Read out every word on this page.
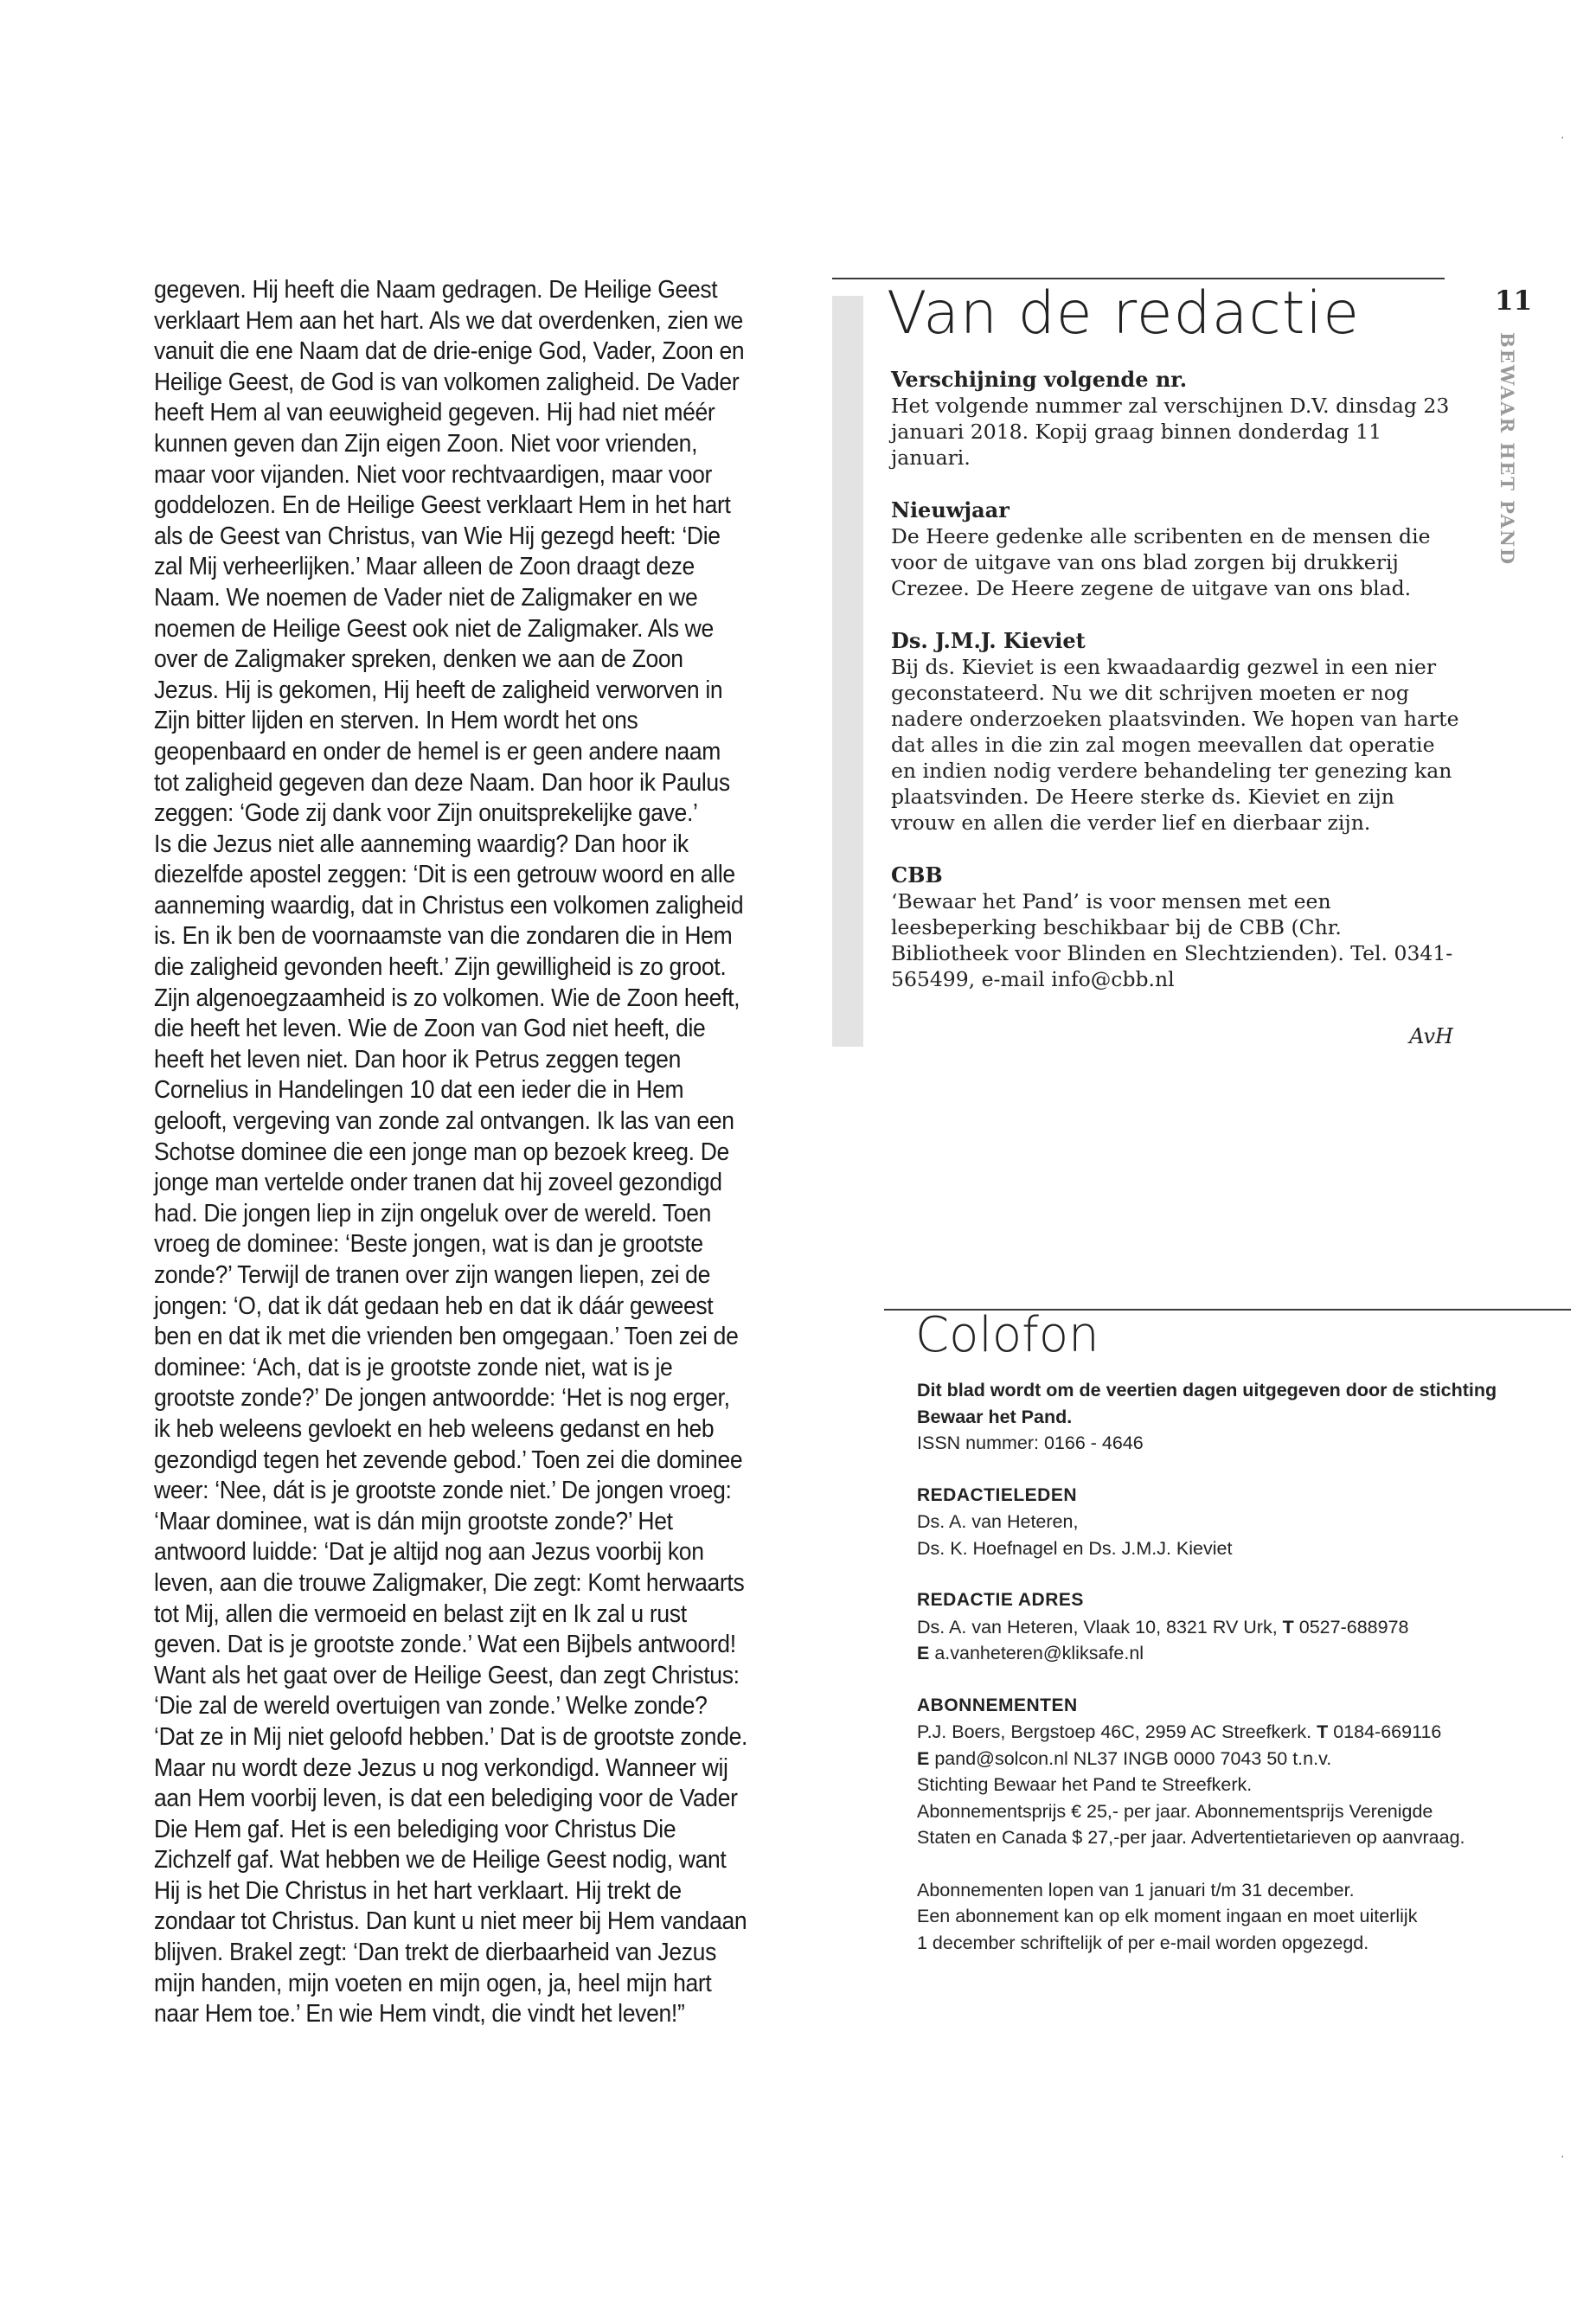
gegeven. Hij heeft die Naam gedragen. De Heilige Geest verklaart Hem aan het hart. Als we dat overdenken, zien we vanuit die ene Naam dat de drie-enige God, Vader, Zoon en Heilige Geest, de God is van volkomen zaligheid. De Vader heeft Hem al van eeuwigheid gegeven. Hij had niet méér kunnen geven dan Zijn eigen Zoon. Niet voor vrienden, maar voor vijanden. Niet voor rechtvaardigen, maar voor goddelozen. En de Heilige Geest verklaart Hem in het hart als de Geest van Christus, van Wie Hij gezegd heeft: ‘Die zal Mij verheerlijken.’ Maar alleen de Zoon draagt deze Naam. We noemen de Vader niet de Zaligmaker en we noemen de Heilige Geest ook niet de Zaligmaker. Als we over de Zaligmaker spreken, denken we aan de Zoon Jezus. Hij is gekomen, Hij heeft de zaligheid verworven in Zijn bitter lijden en sterven. In Hem wordt het ons geopenbaard en onder de hemel is er geen andere naam tot zaligheid gegeven dan deze Naam. Dan hoor ik Paulus zeggen: ‘Gode zij dank voor Zijn onuitsprekelijke gave.’

Is die Jezus niet alle aanneming waardig? Dan hoor ik diezelfde apostel zeggen: ‘Dit is een getrouw woord en alle aanneming waardig, dat in Christus een volkomen zaligheid is. En ik ben de voornaamste van die zondaren die in Hem die zaligheid gevonden heeft.’ Zijn gewilligheid is zo groot. Zijn algenoegzaamheid is zo volkomen. Wie de Zoon heeft, die heeft het leven. Wie de Zoon van God niet heeft, die heeft het leven niet. Dan hoor ik Petrus zeggen tegen Cornelius in Handelingen 10 dat een ieder die in Hem gelooft, vergeving van zonde zal ontvangen. Ik las van een Schotse dominee die een jonge man op bezoek kreeg. De jonge man vertelde onder tranen dat hij zoveel gezondigd had. Die jongen liep in zijn ongeluk over de wereld. Toen vroeg de dominee: ‘Beste jongen, wat is dan je grootste zonde?’ Terwijl de tranen over zijn wangen liepen, zei de jongen: ‘O, dat ik dát gedaan heb en dat ik dáár geweest ben en dat ik met die vrienden ben omgegaan.’ Toen zei de dominee: ‘Ach, dat is je grootste zonde niet, wat is je grootste zonde?’ De jongen antwoordde: ‘Het is nog erger, ik heb weleens gevloekt en heb weleens gedanst en heb gezondigd tegen het zevende gebod.’ Toen zei die dominee weer: ‘Nee, dát is je grootste zonde niet.’ De jongen vroeg: ‘Maar dominee, wat is dán mijn grootste zonde?’ Het antwoord luidde: ‘Dat je altijd nog aan Jezus voorbij kon leven, aan die trouwe Zaligmaker, Die zegt: Komt herwaarts tot Mij, allen die vermoeid en belast zijt en Ik zal u rust geven. Dat is je grootste zonde.’ Wat een Bijbels antwoord! Want als het gaat over de Heilige Geest, dan zegt Christus: ‘Die zal de wereld overtuigen van zonde.’ Welke zonde? ‘Dat ze in Mij niet geloofd hebben.’ Dat is de grootste zonde.

Maar nu wordt deze Jezus u nog verkondigd. Wanneer wij aan Hem voorbij leven, is dat een belediging voor de Vader Die Hem gaf. Het is een belediging voor Christus Die Zichzelf gaf. Wat hebben we de Heilige Geest nodig, want Hij is het Die Christus in het hart verklaart. Hij trekt de zondaar tot Christus. Dan kunt u niet meer bij Hem vandaan blijven. Brakel zegt: ‘Dan trekt de dierbaarheid van Jezus mijn handen, mijn voeten en mijn ogen, ja, heel mijn hart naar Hem toe.’ En wie Hem vindt, die vindt het leven!”

Van de redactie
Verschijning volgende nr.

Het volgende nummer zal verschijnen D.V. dinsdag 23 januari 2018. Kopij graag binnen donderdag 11 januari.

Nieuwjaar

De Heere gedenke alle scribenten en de mensen die voor de uitgave van ons blad zorgen bij drukkerij Crezee. De Heere zegene de uitgave van ons blad.

Ds. J.M.J. Kieviet

Bij ds. Kieviet is een kwaadaardig gezwel in een nier geconstateerd. Nu we dit schrijven moeten er nog nadere onderzoeken plaatsvinden. We hopen van harte dat alles in die zin zal mogen meevallen dat operatie en indien nodig verdere behandeling ter genezing kan plaatsvinden. De Heere sterke ds. Kieviet en zijn vrouw en allen die verder lief en dierbaar zijn.

CBB

‘Bewaar het Pand’ is voor mensen met een leesbeperking beschikbaar bij de CBB (Chr. Bibliotheek voor Blinden en Slechtzienden). Tel. 0341- 565499, e-mail info@cbb.nl

AvH
11
BEWAAR HET PAND
Colofon

Dit blad wordt om de veertien dagen uitgegeven door de stichting

Bewaar het Pand.

ISSN nummer: 0166 - 4646

REDACTIELEDEN

Ds. A. van Heteren,

Ds. K. Hoefnagel en Ds. J.M.J. Kieviet

REDACTIE ADRES

Ds. A. van Heteren, Vlaak 10, 8321 RV Urk, T 0527-688978

E a.vanheteren@kliksafe.nl

ABONNEMENTEN

P.J. Boers, Bergstoep 46C, 2959 AC Streefkerk. T 0184-669116

E pand@solcon.nl NL37 INGB 0000 7043 50 t.n.v.

Stichting Bewaar het Pand te Streefkerk.

Abonnementsprijs € 25,- per jaar. Abonnementsprijs Verenigde

Staten en Canada $ 27,-per jaar. Advertentietarieven op aanvraag.

Abonnementen lopen van 1 januari t/m 31 december.

Een abonnement kan op elk moment ingaan en moet uiterlijk

1 december schriftelijk of per e-mail worden opgezegd.

·
·
